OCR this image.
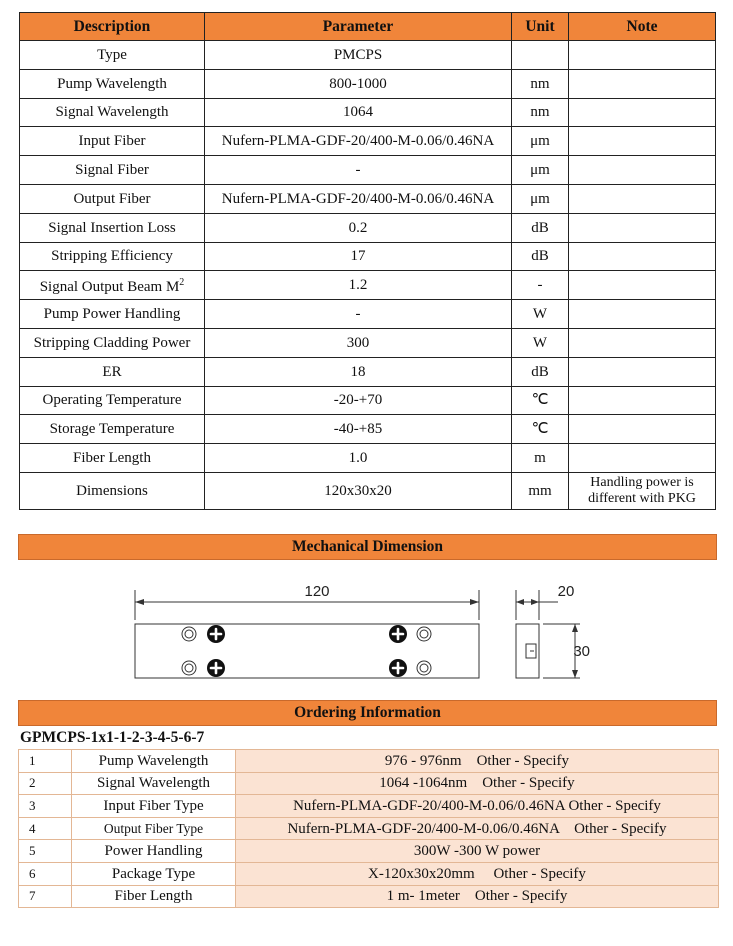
Description	Parameter	Unit	Note
Type	PMCPS		
Pump Wavelength	800-1000	nm	
Signal Wavelength	1064	nm	
Input Fiber	Nufern-PLMA-GDF-20/400-M-0.06/0.46NA	μm	
Signal Fiber	-	μm	
Output Fiber	Nufern-PLMA-GDF-20/400-M-0.06/0.46NA	μm	
Signal Insertion Loss	0.2	dB	
Stripping Efficiency	17	dB	
Signal Output Beam $M^2$	1.2	-	
Pump Power Handling	-	W	
Stripping Cladding Power	300	W	
ER	18	dB	
Operating Temperature	-20-+70	℃	
Storage Temperature	-40-+85	℃	
Fiber Length	1.0	m	
Dimensions	120x30x20	mm	Handling power is
different with PKG
Mechanical Dimension
120	20
30
Ordering Information
GPMCPS-1x1-1-2-3-4-5-6-7
1	Pump Wavelength	976 - 976nm    Other - Specify
2	Signal Wavelength	1064 -1064nm    Other - Specify
3	Input Fiber Type	Nufern-PLMA-GDF-20/400-M-0.06/0.46NA Other - Specify
4	Output Fiber Type	Nufern-PLMA-GDF-20/400-M-0.06/0.46NA    Other - Specify
5	Power Handling	300W -300 W power
6	Package Type	X-120x30x20mm     Other - Specify
7	Fiber Length	1 m- 1meter    Other - Specify
